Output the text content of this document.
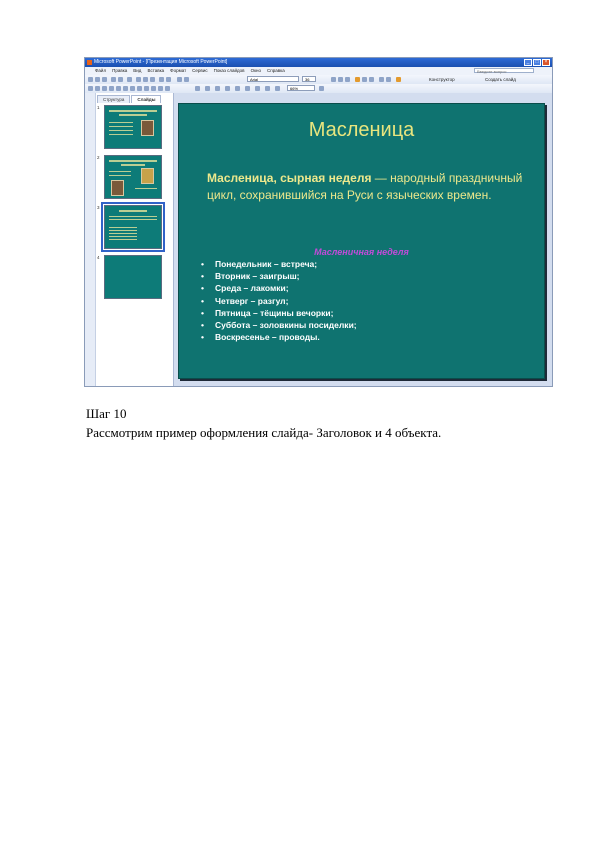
Microsoft PowerPoint - [Презентация Microsoft PowerPoint]	_	□	×
Файл Правка Вид Вставка Формат Сервис Показ слайдов Окно Справка	Введите вопрос
Arial	36	Конструктор	Создать слайд
66%
Структура	Слайды
1
2
3
4
Масленица
Масленица, сырная неделя — народный праздничный цикл, сохранившийся на Руси с языческих времен.
Масленичная неделя
• Понедельник – встреча;
• Вторник – заигрыш;
• Среда – лакомки;
• Четверг – разгул;
• Пятница – тёщины вечорки;
• Суббота – золовкины посиделки;
• Воскресенье – проводы.
Шаг 10
Рассмотрим пример оформления слайда- Заголовок и 4 объекта.
